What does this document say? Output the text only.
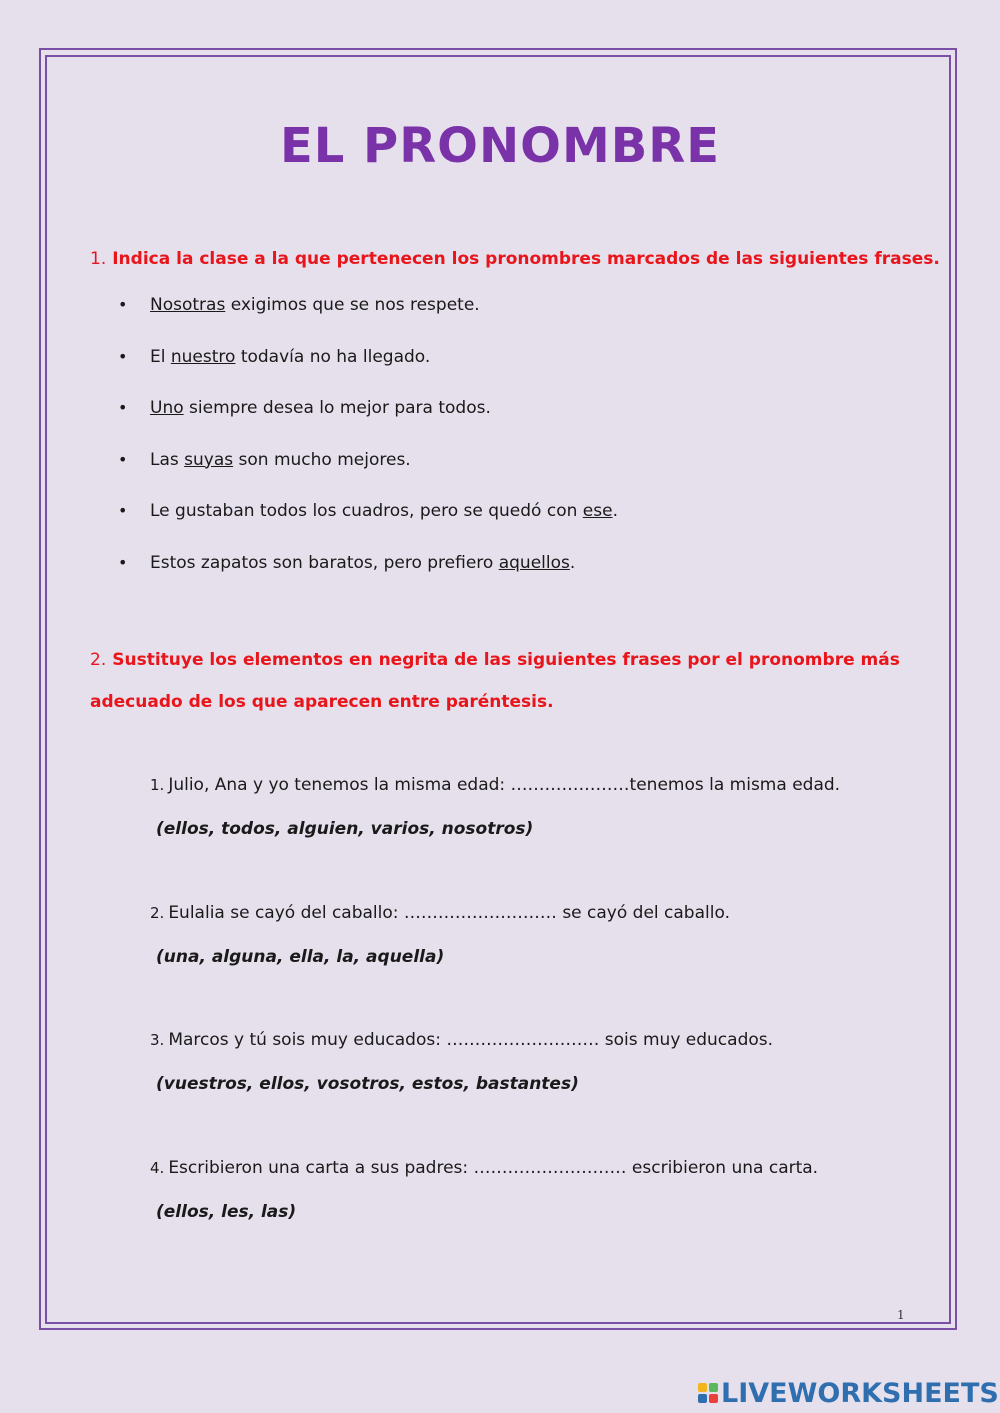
EL PRONOMBRE
1. Indica la clase a la que pertenecen los pronombres marcados de las siguientes frases.
•	Nosotras exigimos que se nos respete.
•	El nuestro todavía no ha llegado.
•	Uno siempre desea lo mejor para todos.
•	Las suyas son mucho mejores.
•	Le gustaban todos los cuadros, pero se quedó con ese.
•	Estos zapatos son baratos, pero prefiero aquellos.
2. Sustituye los elementos en negrita de las siguientes frases por el pronombre más
adecuado de los que aparecen entre paréntesis.
1. Julio, Ana y yo tenemos la misma edad: …………………tenemos la misma edad.
(ellos, todos, alguien, varios, nosotros)
2. Eulalia se cayó del caballo: ……………………… se cayó del caballo.
(una, alguna, ella, la, aquella)
3. Marcos y tú sois muy educados: ……………………… sois muy educados.
(vuestros, ellos, vosotros, estos, bastantes)
4. Escribieron una carta a sus padres: ……………………… escribieron una carta.
(ellos, les, las)
1
LIVEWORKSHEETS
